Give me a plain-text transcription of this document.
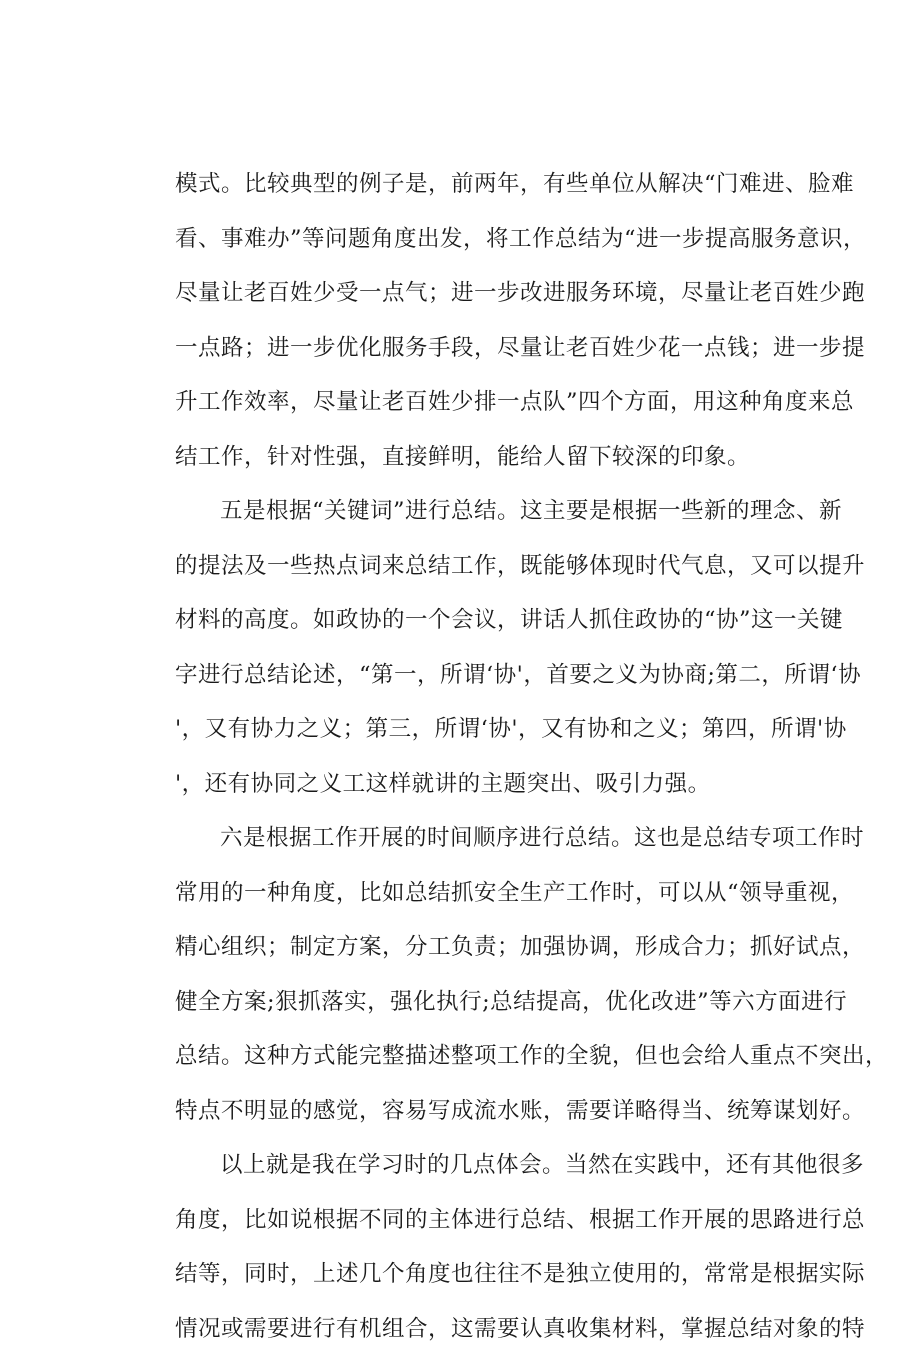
模式。比较典型的例子是，前两年，有些单位从解决“门难进、脸难
看、事难办”等问题角度出发，将工作总结为“进一步提高服务意识，
尽量让老百姓少受一点气；进一步改进服务环境，尽量让老百姓少跑
一点路；进一步优化服务手段，尽量让老百姓少花一点钱；进一步提
升工作效率，尽量让老百姓少排一点队”四个方面，用这种角度来总
结工作，针对性强，直接鲜明，能给人留下较深的印象。
五是根据“关键词”进行总结。这主要是根据一些新的理念、新
的提法及一些热点词来总结工作，既能够体现时代气息，又可以提升
材料的高度。如政协的一个会议，讲话人抓住政协的“协”这一关键
字进行总结论述，“第一，所谓‘协'，首要之义为协商;第二，所谓‘协
'，又有协力之义；第三，所谓‘协'，又有协和之义；第四，所谓'协
'，还有协同之义工这样就讲的主题突出、吸引力强。
六是根据工作开展的时间顺序进行总结。这也是总结专项工作时
常用的一种角度，比如总结抓安全生产工作时，可以从“领导重视，
精心组织；制定方案，分工负责；加强协调，形成合力；抓好试点，
健全方案;狠抓落实，强化执行;总结提高，优化改进”等六方面进行
总结。这种方式能完整描述整项工作的全貌，但也会给人重点不突出，
特点不明显的感觉，容易写成流水账，需要详略得当、统筹谋划好。
以上就是我在学习时的几点体会。当然在实践中，还有其他很多
角度，比如说根据不同的主体进行总结、根据工作开展的思路进行总
结等，同时，上述几个角度也往往不是独立使用的，常常是根据实际
情况或需要进行有机组合，这需要认真收集材料，掌握总结对象的特
